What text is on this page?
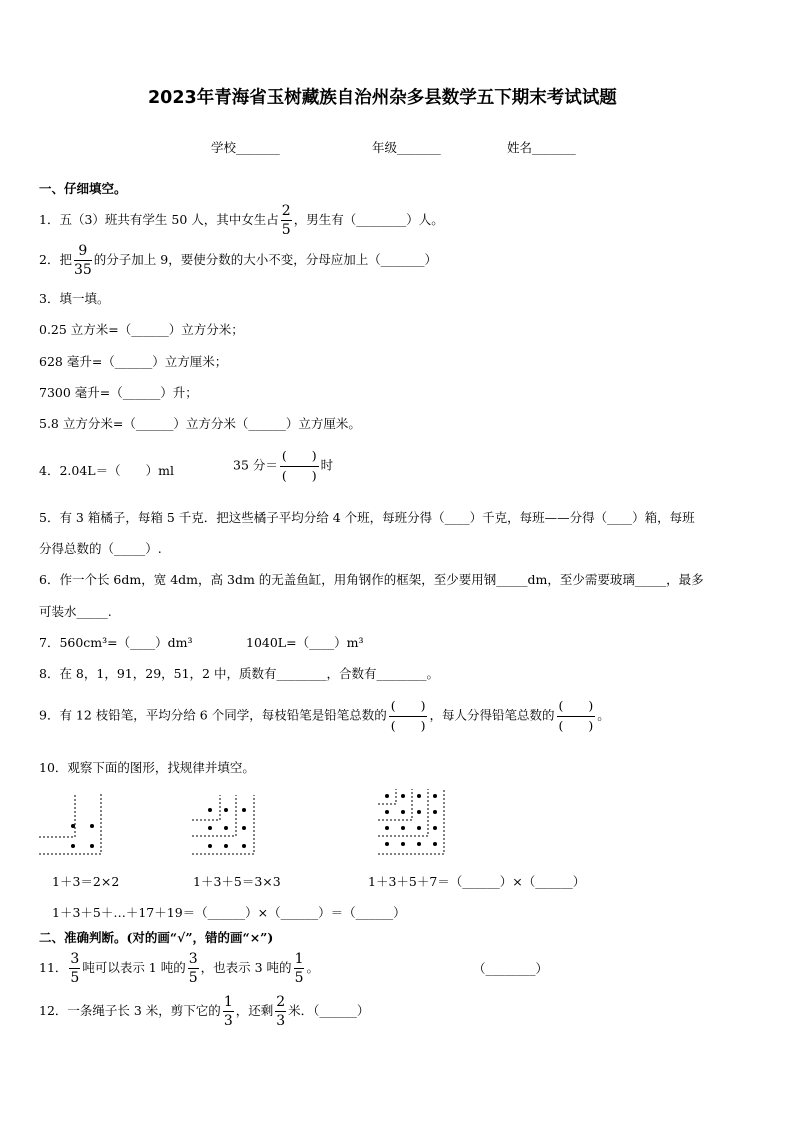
2023年青海省玉树藏族自治州杂多县数学五下期末考试试题
学校_______	年级_______	姓名_______
一、仔细填空。
1．五（3）班共有学生 50 人，其中女生占 $\frac{2}{5}$ ，男生有（________）人。
2．把 $\frac{9}{35}$ 的分子加上 9，要使分数的大小不变，分母应加上（_______）
3．填一填。
0.25 立方米=（______）立方分米；
628 毫升=（______）立方厘米；
7300 毫升=（______）升；
5.8 立方分米=（______）立方分米（______）立方厘米。
4．2.04L＝（　　）ml	35 分＝ $\frac{( )}{( )}$ 时
5．有 3 箱橘子，每箱 5 千克．把这些橘子平均分给 4 个班，每班分得（____）千克，每班——分得（____）箱，每班
分得总数的（_____）.
6．作一个长 6dm，宽 4dm，高 3dm 的无盖鱼缸，用角钢作的框架，至少要用钢_____dm，至少需要玻璃_____，最多
可装水_____.
7．560cm³=（____）dm³	1040L=（____）m³
8．在 8，1，91，29，51，2 中，质数有________，合数有________。
9．有 12 枝铅笔，平均分给 6 个同学，每枝铅笔是铅笔总数的 $\frac{( )}{( )}$ ，每人分得铅笔总数的 $\frac{( )}{( )}$ 。
10．观察下面的图形，找规律并填空。
1＋3＝2×2	1＋3＋5＝3×3	1＋3＋5＋7＝（______）×（______）
1＋3＋5＋…＋17＋19＝（______）×（______）＝（______）
二、准确判断。(对的画“√”，错的画“×”)
11． $\frac{3}{5}$ 吨可以表示 1 吨的 $\frac{3}{5}$ ，也表示 3 吨的 $\frac{1}{5}$ 。	（________）
12．一条绳子长 3 米，剪下它的 $\frac{1}{3}$ ，还剩 $\frac{2}{3}$ 米．（______）
